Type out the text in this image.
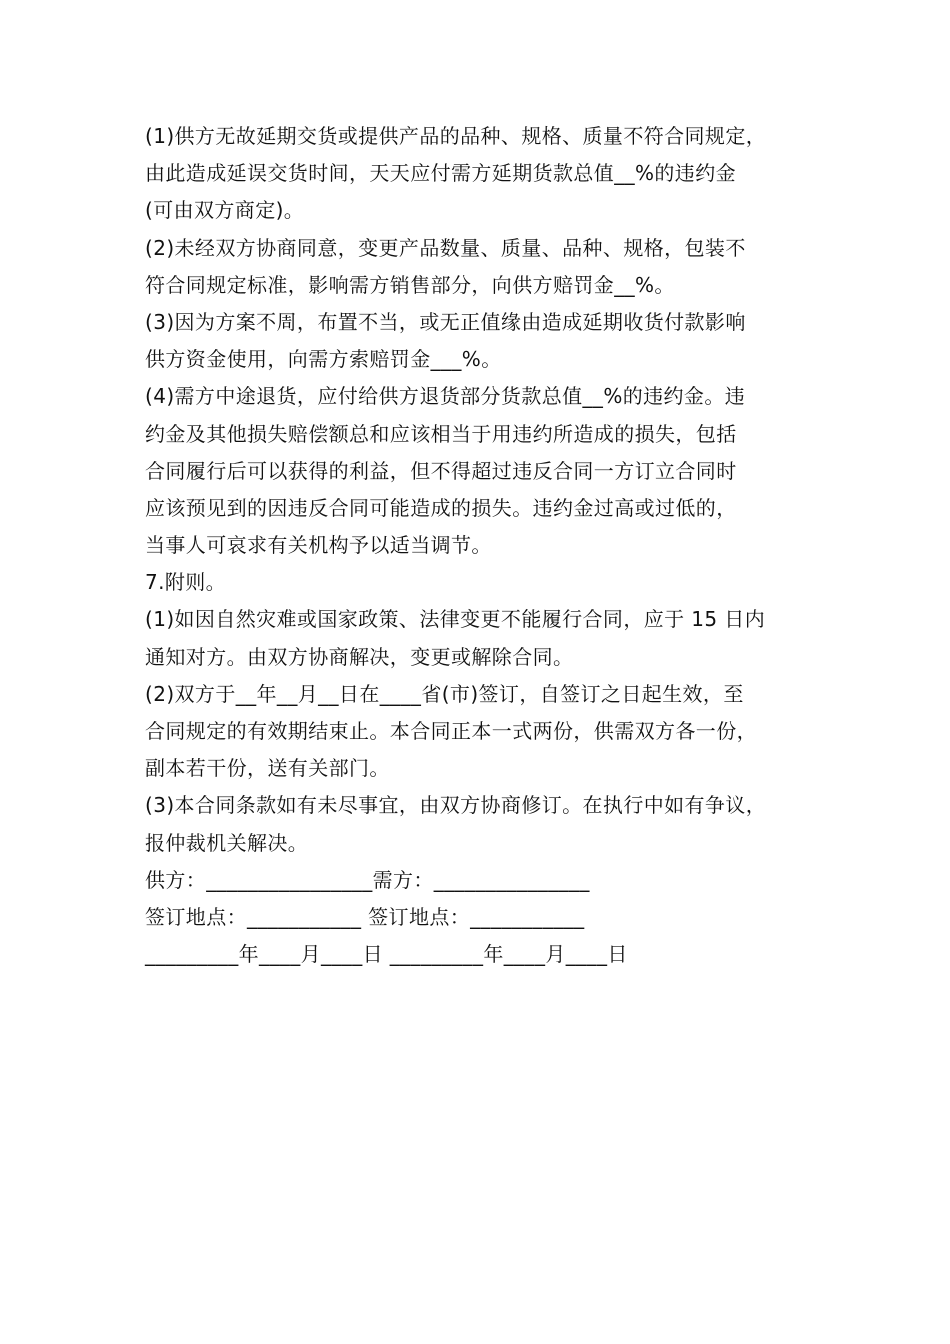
(1)供方无故延期交货或提供产品的品种、规格、质量不符合同规定，
由此造成延误交货时间，天天应付需方延期货款总值__%的违约金
(可由双方商定)。
(2)未经双方协商同意，变更产品数量、质量、品种、规格，包装不
符合同规定标准，影响需方销售部分，向供方赔罚金__%。
(3)因为方案不周，布置不当，或无正值缘由造成延期收货付款影响
供方资金使用，向需方索赔罚金___%。
(4)需方中途退货，应付给供方退货部分货款总值__%的违约金。违
约金及其他损失赔偿额总和应该相当于用违约所造成的损失，包括
合同履行后可以获得的利益，但不得超过违反合同一方订立合同时
应该预见到的因违反合同可能造成的损失。违约金过高或过低的，
当事人可哀求有关机构予以适当调节。
7.附则。
(1)如因自然灾难或国家政策、法律变更不能履行合同，应于 15 日内
通知对方。由双方协商解决，变更或解除合同。
(2)双方于__年__月__日在____省(市)签订，自签订之日起生效，至
合同规定的有效期结束止。本合同正本一式两份，供需双方各一份，
副本若干份，送有关部门。
(3)本合同条款如有未尽事宜，由双方协商修订。在执行中如有争议，
报仲裁机关解决。
供方：________________需方：_______________
签订地点：___________ 签订地点：___________
_________年____月____日 _________年____月____日
